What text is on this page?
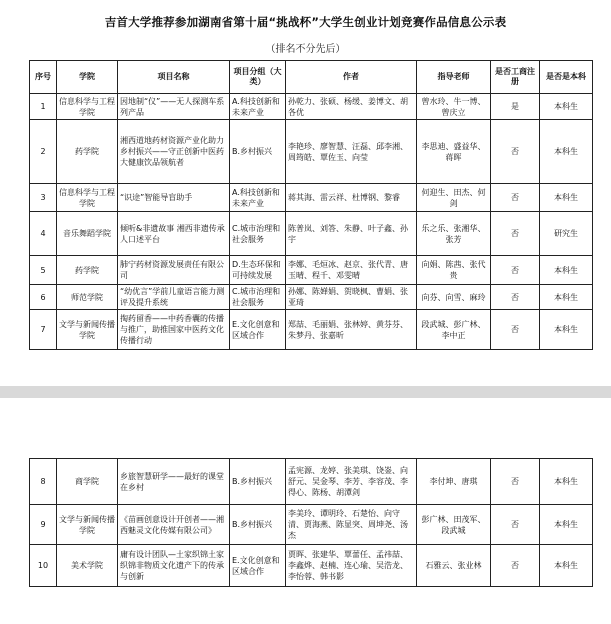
吉首大学推荐参加湖南省第十届“挑战杯”大学生创业计划竞赛作品信息公示表
（排名不分先后）
序号	学院	项目名称	项目分组（大类）	作者	指导老师	是否工商注册	是否是本科
1	信息科学与工程学院	因地制“仪”——无人探测车系列产品	A.科技创新和未来产业	孙乾力、张硕、杨缓、姜博文、胡各优	曾水玲、牛一博、曾庆立	是	本科生
2	药学院	湘西道地药材资源产业化助力乡村振兴——守正创新中医药大健康饮品领航者	B.乡村振兴	李艳珍、廖智慧、汪磊、邱李湘、周筠皓、覃佐玉、向莹	李思迪、盛益华、蒋晖	否	本科生
3	信息科学与工程学院	“识途”智能导盲助手	A.科技创新和未来产业	蒋其海、雷云祥、杜博钢、黎睿	何迎生、田杰、何剑	否	本科生
4	音乐舞蹈学院	倾听&非遗故事 湘西非遗传承人口述平台	C.城市治理和社会服务	陈普岚、刘答、朱静、叶子鑫、孙宇	乐之乐、张湘华、张芳	否	研究生
5	药学院	肺宁药材资源发展责任有限公司	D.生态环保和可持续发展	李娜、毛烜冰、赵京、张代青、唐玉晴、程千、邓雯晴	向娟、陈茜、张代贵	否	本科生
6	师范学院	“幼优言”学前儿童语言能力测评及提升系统	C.城市治理和社会服务	孙娜、陈婵娟、贺晓枫、曹娟、张亚琦	向芬、向雪、麻玲	否	本科生
7	文学与新闻传播学院	掏药留香——中药香囊的传播与推广，助推国家中医药文化传播行动	E.文化创意和区域合作	郑喆、毛丽娟、张林婷、黄芬芬、朱梦丹、张嘉昕	段武城、彭广林、李中正	否	本科生
8	商学院	乡旅智慧研学——最好的课堂在乡村	B.乡村振兴	孟宪源、龙婷、张美琪、饶崟、向舒元、吴金琴、李芳、李容茂、李得心、陈杨、胡潭剑	李付坤、唐琪	否	本科生
9	文学与新闻传播学院	《苗画创意设计开创者——湘西魅灵文化传媒有限公司》	B.乡村振兴	李美玲、谭明玲、石楚怡、向守清、贾海燕、陈显突、周坤尧、汤杰	彭广林、田茂军、段武城	否	本科生
10	美术学院	庸有设计团队—土家织锦土家织锦非物质文化遗产下的传承与创新	E.文化创意和区域合作	贾晖、张建华、覃蕾任、孟祎喆、李鑫烨、赵楠、连心瑜、吴浩龙、李怡蓉、韩书影	石雅云、张业林	否	本科生
